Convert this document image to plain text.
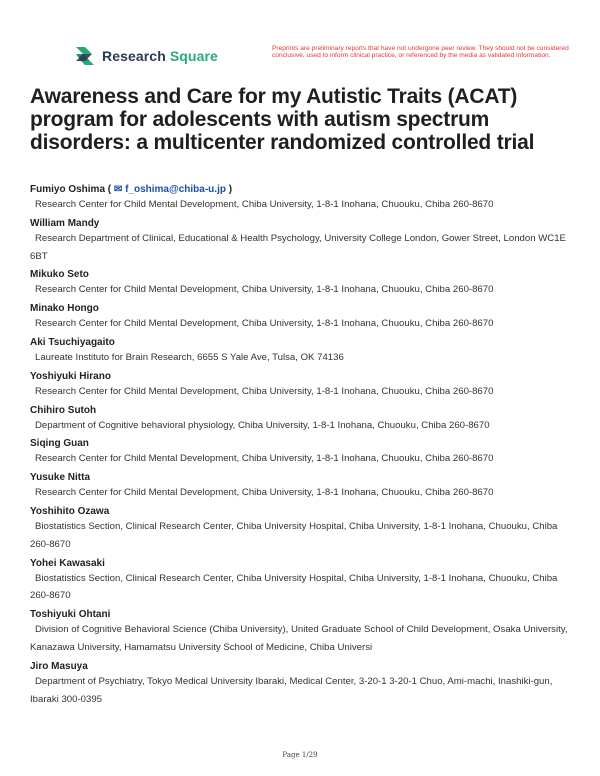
Research Square	Preprints are preliminary reports that have not undergone peer review. They should not be considered conclusive, used to inform clinical practice, or referenced by the media as validated information.
Awareness and Care for my Autistic Traits (ACAT) program for adolescents with autism spectrum disorders: a multicenter randomized controlled trial
Fumiyo Oshima ( ✉ f_oshima@chiba-u.jp )

Research Center for Child Mental Development, Chiba University, 1-8-1 Inohana, Chuouku, Chiba 260-8670

William Mandy

Research Department of Clinical, Educational & Health Psychology, University College London, Gower Street, London WC1E 6BT

Mikuko Seto

Research Center for Child Mental Development, Chiba University, 1-8-1 Inohana, Chuouku, Chiba 260-8670

Minako Hongo

Research Center for Child Mental Development, Chiba University, 1-8-1 Inohana, Chuouku, Chiba 260-8670

Aki Tsuchiyagaito

Laureate Instituto for Brain Research, 6655 S Yale Ave, Tulsa, OK 74136

Yoshiyuki Hirano

Research Center for Child Mental Development, Chiba University, 1-8-1 Inohana, Chuouku, Chiba 260-8670

Chihiro Sutoh

Department of Cognitive behavioral physiology, Chiba University, 1-8-1 Inohana, Chuouku, Chiba 260-8670

Siqing Guan

Research Center for Child Mental Development, Chiba University, 1-8-1 Inohana, Chuouku, Chiba 260-8670

Yusuke Nitta

Research Center for Child Mental Development, Chiba University, 1-8-1 Inohana, Chuouku, Chiba 260-8670

Yoshihito Ozawa

Biostatistics Section, Clinical Research Center, Chiba University Hospital, Chiba University, 1-8-1 Inohana, Chuouku, Chiba 260-8670

Yohei Kawasaki

Biostatistics Section, Clinical Research Center, Chiba University Hospital, Chiba University, 1-8-1 Inohana, Chuouku, Chiba 260-8670

Toshiyuki Ohtani

Division of Cognitive Behavioral Science (Chiba University), United Graduate School of Child Development, Osaka University, Kanazawa University, Hamamatsu University School of Medicine, Chiba Universi

Jiro Masuya

Department of Psychiatry, Tokyo Medical University Ibaraki, Medical Center, 3-20-1 3-20-1 Chuo, Ami-machi, Inashiki-gun, Ibaraki 300-0395

Page 1/29
